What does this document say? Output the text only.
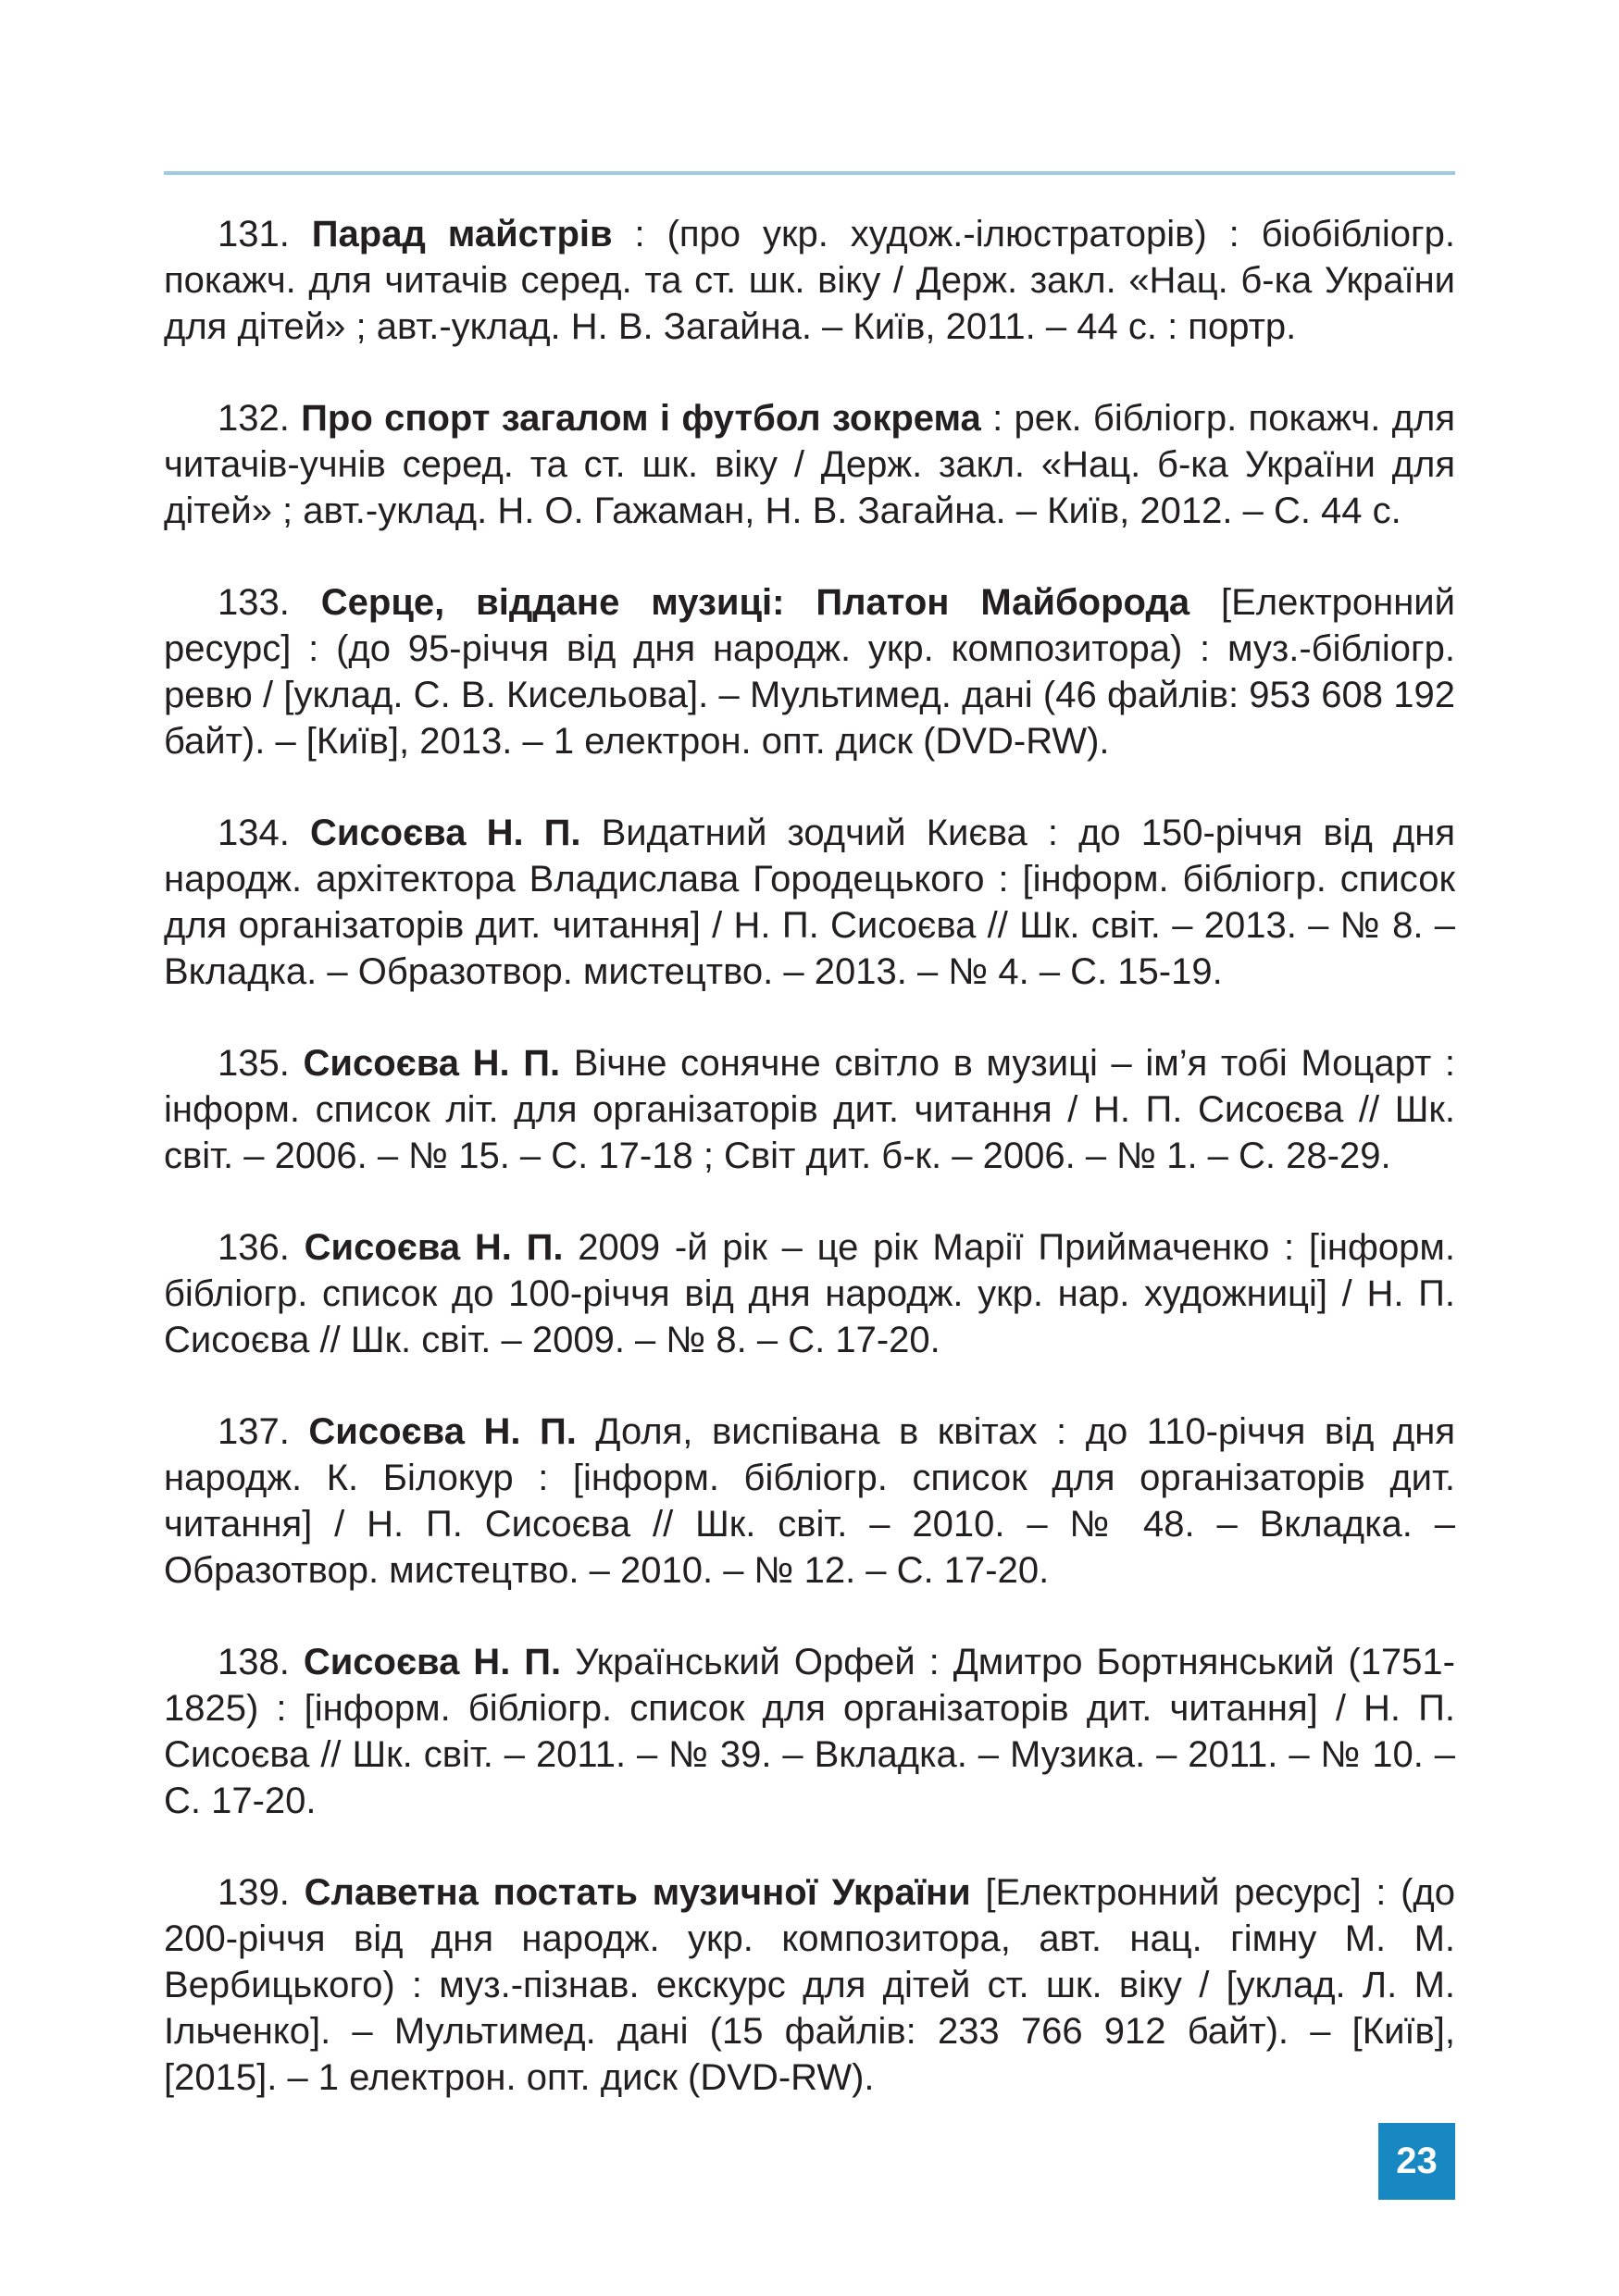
131. Парад майстрів : (про укр. худож.-ілюстраторів) : біобібліогр. покажч. для читачів серед. та ст. шк. віку / Держ. закл. «Нац. б-ка України для дітей» ; авт.-уклад. Н. В. Загайна. – Київ, 2011. – 44 с. : портр.

132. Про спорт загалом і футбол зокрема : рек. бібліогр. покажч. для читачів-учнів серед. та ст. шк. віку / Держ. закл. «Нац. б-ка України для дітей» ; авт.-уклад. Н. О. Гажаман, Н. В. Загайна. – Київ, 2012. – С. 44 с.

133. Серце, віддане музиці: Платон Майборода [Електронний ресурс] : (до 95-річчя від дня народж. укр. композитора) : муз.-бібліогр. ревю / [уклад. С. В. Кисельова]. – Мультимед. дані (46 файлів: 953 608 192 байт). – [Київ], 2013. – 1 електрон. опт. диск (DVD-RW).

134. Сисоєва Н. П. Видатний зодчий Києва : до 150-річчя від дня народж. архітектора Владислава Городецького : [інформ. бібліогр. список для організаторів дит. читання] / Н. П. Сисоєва // Шк. світ. – 2013. – № 8. – Вкладка. – Образотвор. мистецтво. – 2013. – № 4. – С. 15-19.

135. Сисоєва Н. П. Вічне сонячне світло в музиці – ім’я тобі Моцарт : інформ. список літ. для організаторів дит. читання / Н. П. Сисоєва // Шк. світ. – 2006. – № 15. – С. 17-18 ; Світ дит. б-к. – 2006. – № 1. – С. 28-29.

136. Сисоєва Н. П. 2009 -й рік – це рік Марії Приймаченко : [інформ. бібліогр. список до 100-річчя від дня народж. укр. нар. художниці] / Н. П. Сисоєва // Шк. світ. – 2009. – № 8. – С. 17-20.

137. Сисоєва Н. П. Доля, виспівана в квітах : до 110-річчя від дня народж. К. Білокур : [інформ. бібліогр. список для організаторів дит. читання] / Н. П. Сисоєва // Шк. світ. – 2010. – № 48. – Вкладка. – Образотвор. мистецтво. – 2010. – № 12. – С. 17-20.

138. Сисоєва Н. П. Український Орфей : Дмитро Бортнянський (1751-1825) : [інформ. бібліогр. список для організаторів дит. читання] / Н. П. Сисоєва // Шк. світ. – 2011. – № 39. – Вкладка. – Музика. – 2011. – № 10. – С. 17-20.

139. Славетна постать музичної України [Електронний ресурс] : (до 200-річчя від дня народж. укр. композитора, авт. нац. гімну М. М. Вербицького) : муз.-пізнав. екскурс для дітей ст. шк. віку / [уклад. Л. М. Ільченко]. – Мультимед. дані (15 файлів: 233 766 912 байт). – [Київ], [2015]. – 1 електрон. опт. диск (DVD-RW).

23
